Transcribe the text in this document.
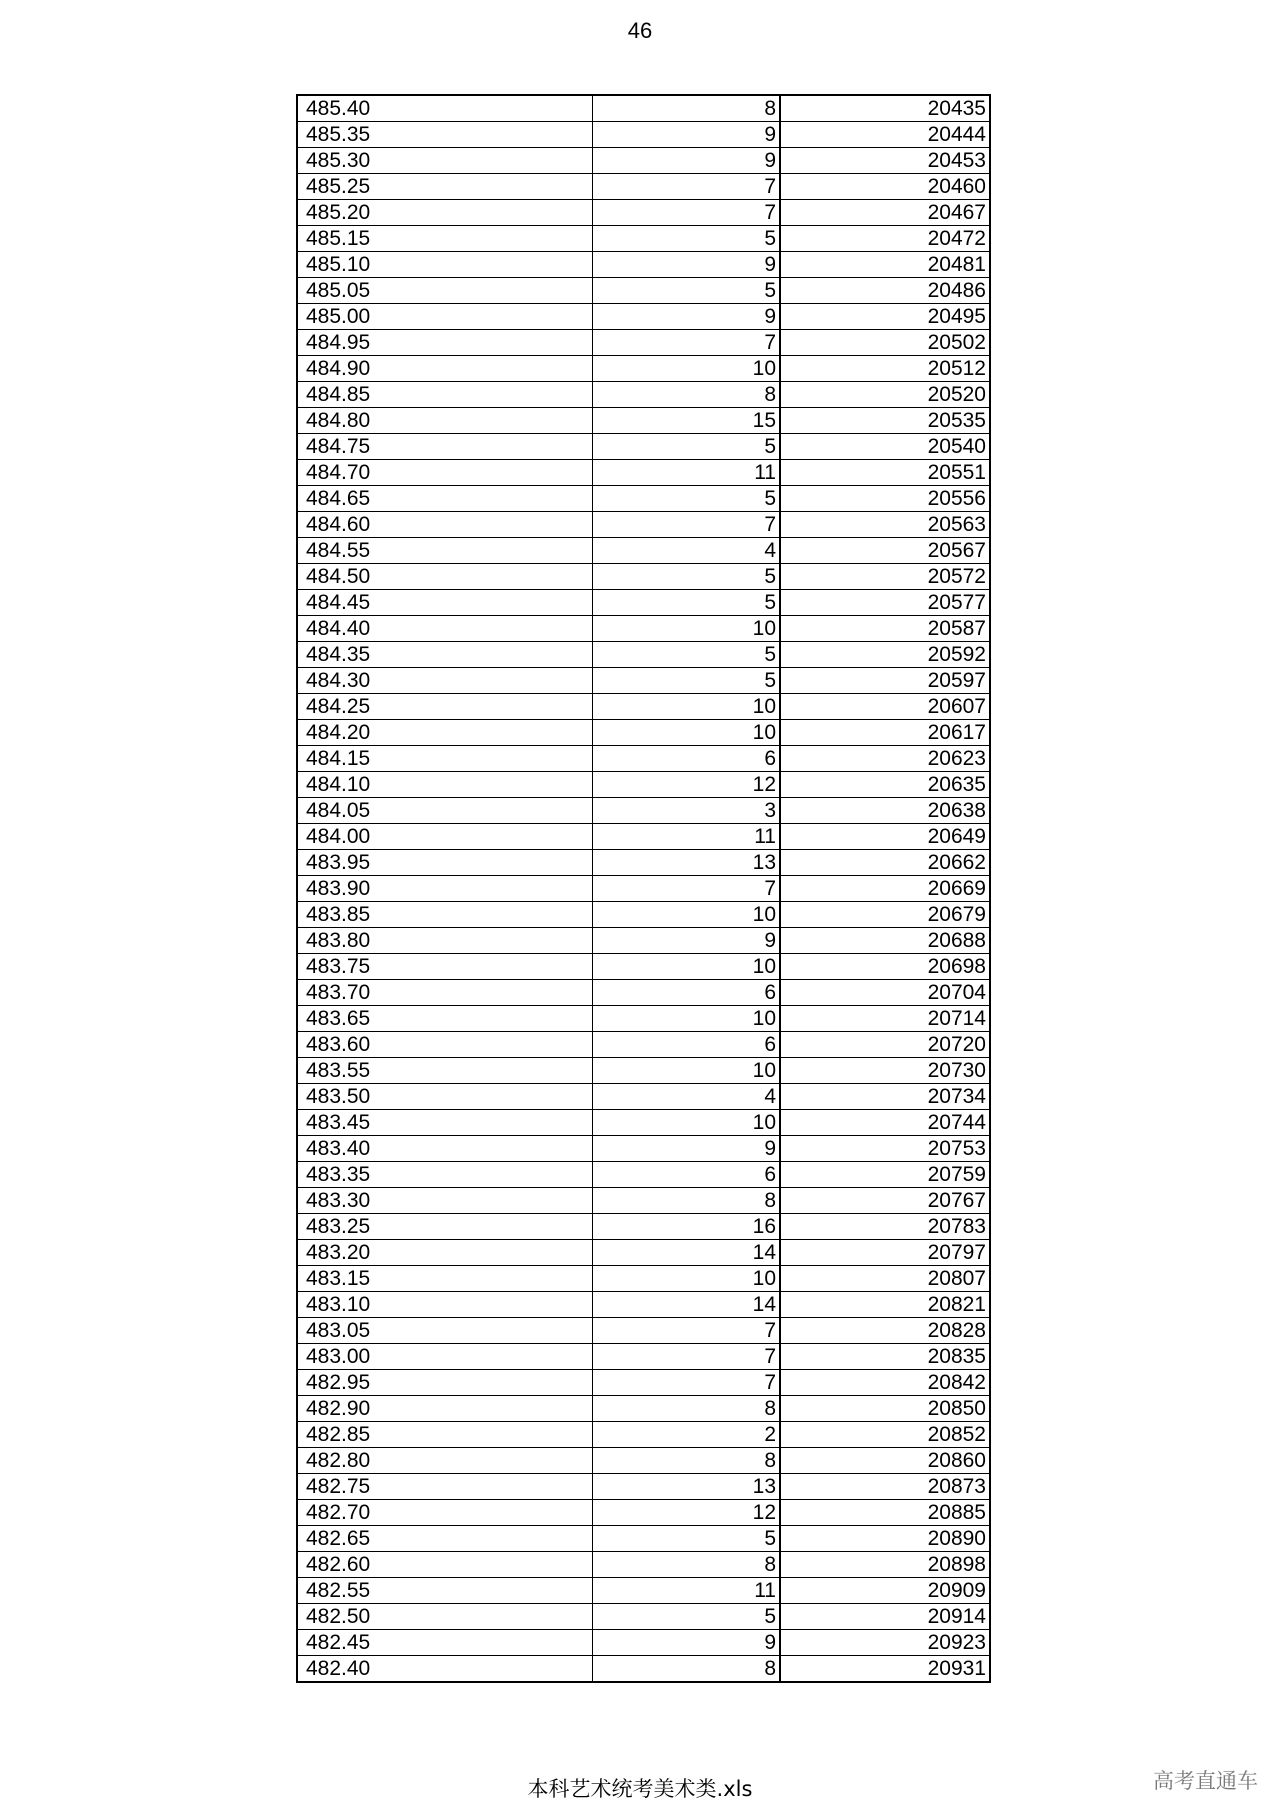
46
485.40	8	20435
485.35	9	20444
485.30	9	20453
485.25	7	20460
485.20	7	20467
485.15	5	20472
485.10	9	20481
485.05	5	20486
485.00	9	20495
484.95	7	20502
484.90	10	20512
484.85	8	20520
484.80	15	20535
484.75	5	20540
484.70	11	20551
484.65	5	20556
484.60	7	20563
484.55	4	20567
484.50	5	20572
484.45	5	20577
484.40	10	20587
484.35	5	20592
484.30	5	20597
484.25	10	20607
484.20	10	20617
484.15	6	20623
484.10	12	20635
484.05	3	20638
484.00	11	20649
483.95	13	20662
483.90	7	20669
483.85	10	20679
483.80	9	20688
483.75	10	20698
483.70	6	20704
483.65	10	20714
483.60	6	20720
483.55	10	20730
483.50	4	20734
483.45	10	20744
483.40	9	20753
483.35	6	20759
483.30	8	20767
483.25	16	20783
483.20	14	20797
483.15	10	20807
483.10	14	20821
483.05	7	20828
483.00	7	20835
482.95	7	20842
482.90	8	20850
482.85	2	20852
482.80	8	20860
482.75	13	20873
482.70	12	20885
482.65	5	20890
482.60	8	20898
482.55	11	20909
482.50	5	20914
482.45	9	20923
482.40	8	20931
本科艺术统考美术类.xls	高考直通车
